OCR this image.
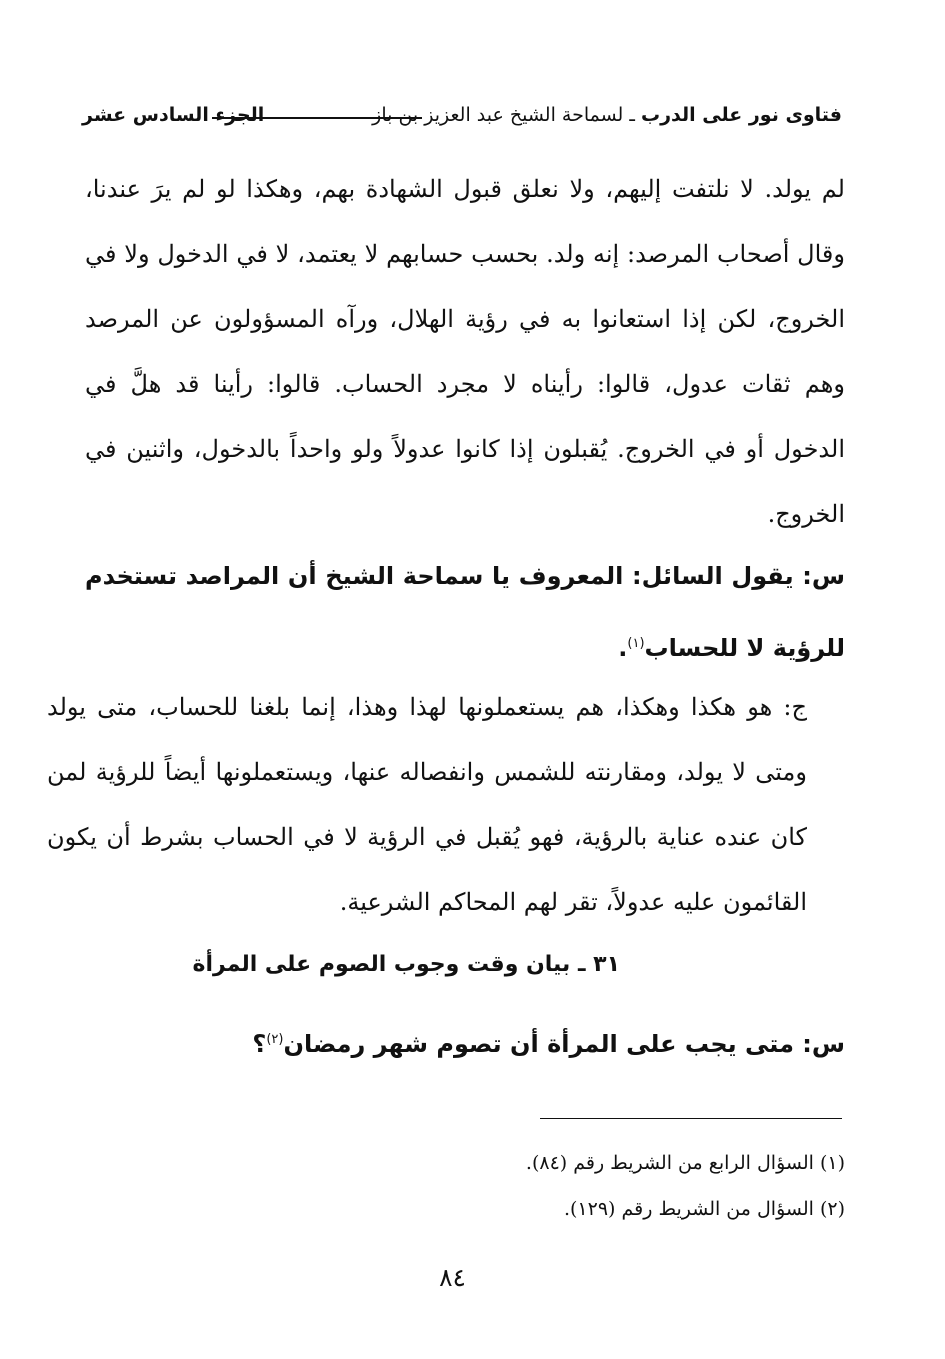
فتاوى نور على الدرب ـ لسماحة الشيخ عبد العزيز بن باز
الجزء السادس عشر
لم يولد. لا نلتفت إليهم، ولا نعلق قبول الشهادة بهم، وهكذا لو لم يرَ عندنا، وقال أصحاب المرصد: إنه ولد. بحسب حسابهم لا يعتمد، لا في الدخول ولا في الخروج، لكن إذا استعانوا به في رؤية الهلال، ورآه المسؤولون عن المرصد وهم ثقات عدول، قالوا: رأيناه لا مجرد الحساب. قالوا: رأينا قد هلَّ في الدخول أو في الخروج. يُقبلون إذا كانوا عدولاً ولو واحداً بالدخول، واثنين في الخروج.
س: يقول السائل: المعروف يا سماحة الشيخ أن المراصد تستخدم للرؤية لا للحساب$^{(١)}$.
ج: هو هكذا وهكذا، هم يستعملونها لهذا وهذا، إنما بلغنا للحساب، متى يولد ومتى لا يولد، ومقارنته للشمس وانفصاله عنها، ويستعملونها أيضاً للرؤية لمن كان عنده عناية بالرؤية، فهو يُقبل في الرؤية لا في الحساب بشرط أن يكون القائمون عليه عدولاً، تقر لهم المحاكم الشرعية.
٣١ ـ بيان وقت وجوب الصوم على المرأة
س: متى يجب على المرأة أن تصوم شهر رمضان$^{(٢)}$؟
(١) السؤال الرابع من الشريط رقم (٨٤).
(٢) السؤال من الشريط رقم (١٢٩).
٨٤
